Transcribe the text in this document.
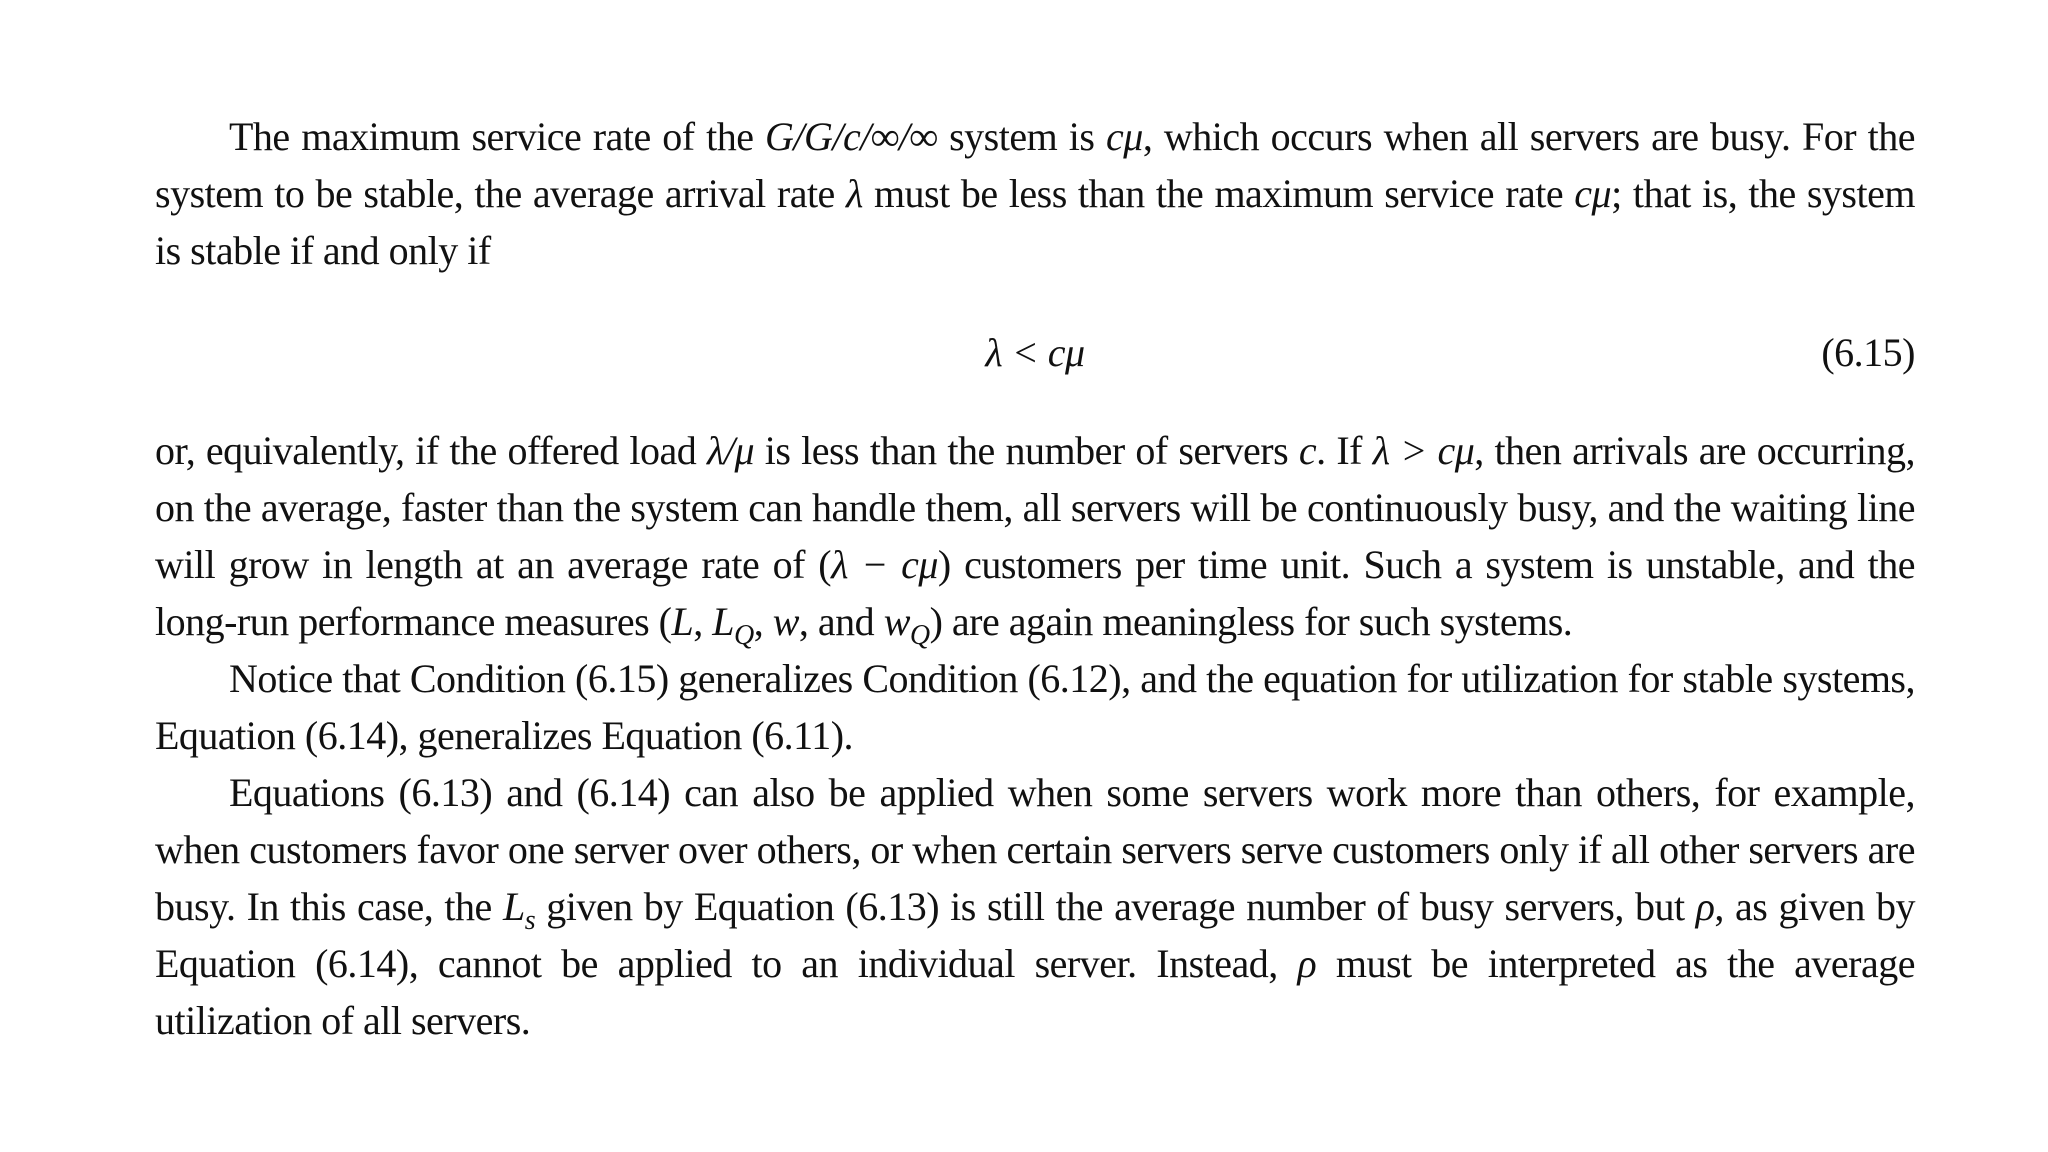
The maximum service rate of the G/G/c/∞/∞ system is cμ, which occurs when all servers are busy. For the system to be stable, the average arrival rate λ must be less than the maximum service rate cμ; that is, the system is stable if and only if

λ < cμ	(6.15)

or, equivalently, if the offered load λ/μ is less than the number of servers c. If λ > cμ, then arrivals are occurring, on the average, faster than the system can handle them, all servers will be continuously busy, and the waiting line will grow in length at an average rate of (λ − cμ) customers per time unit. Such a system is unstable, and the long-run performance measures (L, $L_Q$, w, and $w_Q$) are again meaningless for such systems.

Notice that Condition (6.15) generalizes Condition (6.12), and the equation for utilization for stable systems, Equation (6.14), generalizes Equation (6.11).

Equations (6.13) and (6.14) can also be applied when some servers work more than others, for example, when customers favor one server over others, or when certain servers serve customers only if all other servers are busy. In this case, the $L_s$ given by Equation (6.13) is still the average number of busy servers, but ρ, as given by Equation (6.14), cannot be applied to an individual server. Instead, ρ must be interpreted as the average utilization of all servers.
